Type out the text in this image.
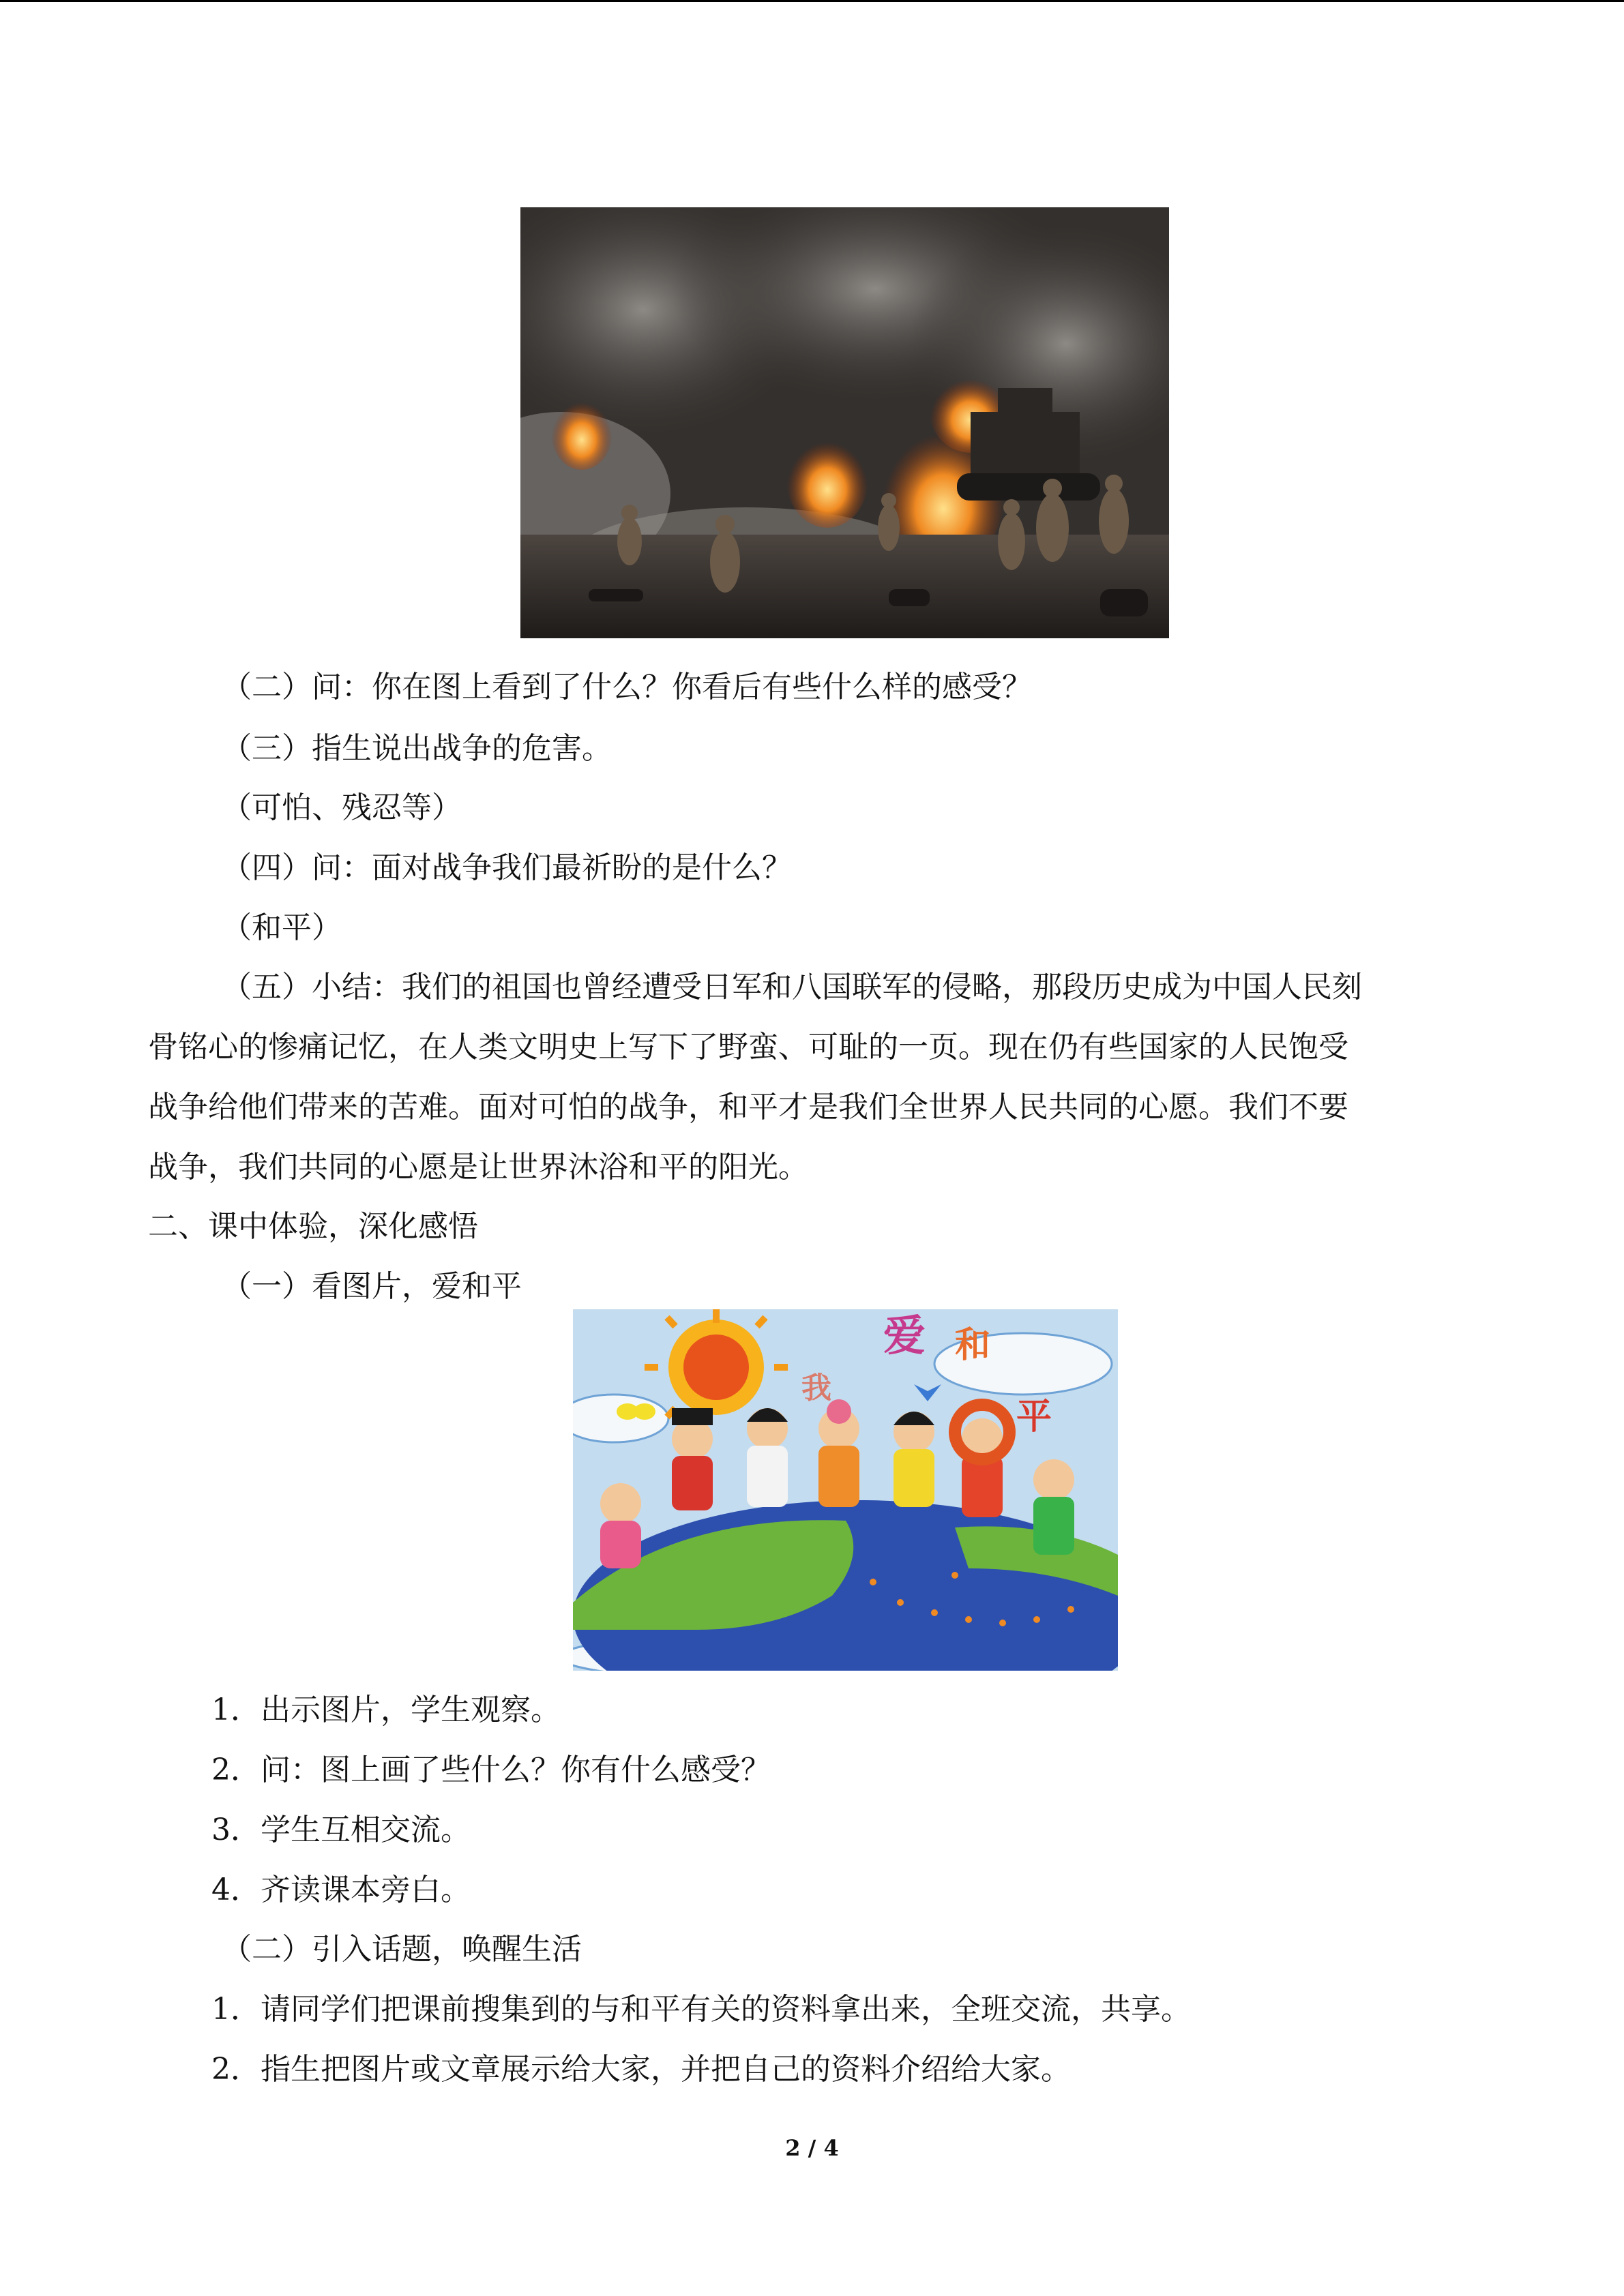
（二）问：你在图上看到了什么？你看后有些什么样的感受？
（三）指生说出战争的危害。
（可怕、残忍等）
（四）问：面对战争我们最祈盼的是什么？
（和平）
（五）小结：我们的祖国也曾经遭受日军和八国联军的侵略，那段历史成为中国人民刻
骨铭心的惨痛记忆，在人类文明史上写下了野蛮、可耻的一页。现在仍有些国家的人民饱受
战争给他们带来的苦难。面对可怕的战争，和平才是我们全世界人民共同的心愿。我们不要
战争，我们共同的心愿是让世界沐浴和平的阳光。
二、课中体验，深化感悟
（一）看图片，爱和平
我
爱 和
平
1．出示图片，学生观察。
2．问：图上画了些什么？你有什么感受？
3．学生互相交流。
4．齐读课本旁白。
（二）引入话题，唤醒生活
1．请同学们把课前搜集到的与和平有关的资料拿出来，全班交流，共享。
2．指生把图片或文章展示给大家，并把自己的资料介绍给大家。
2 / 4
